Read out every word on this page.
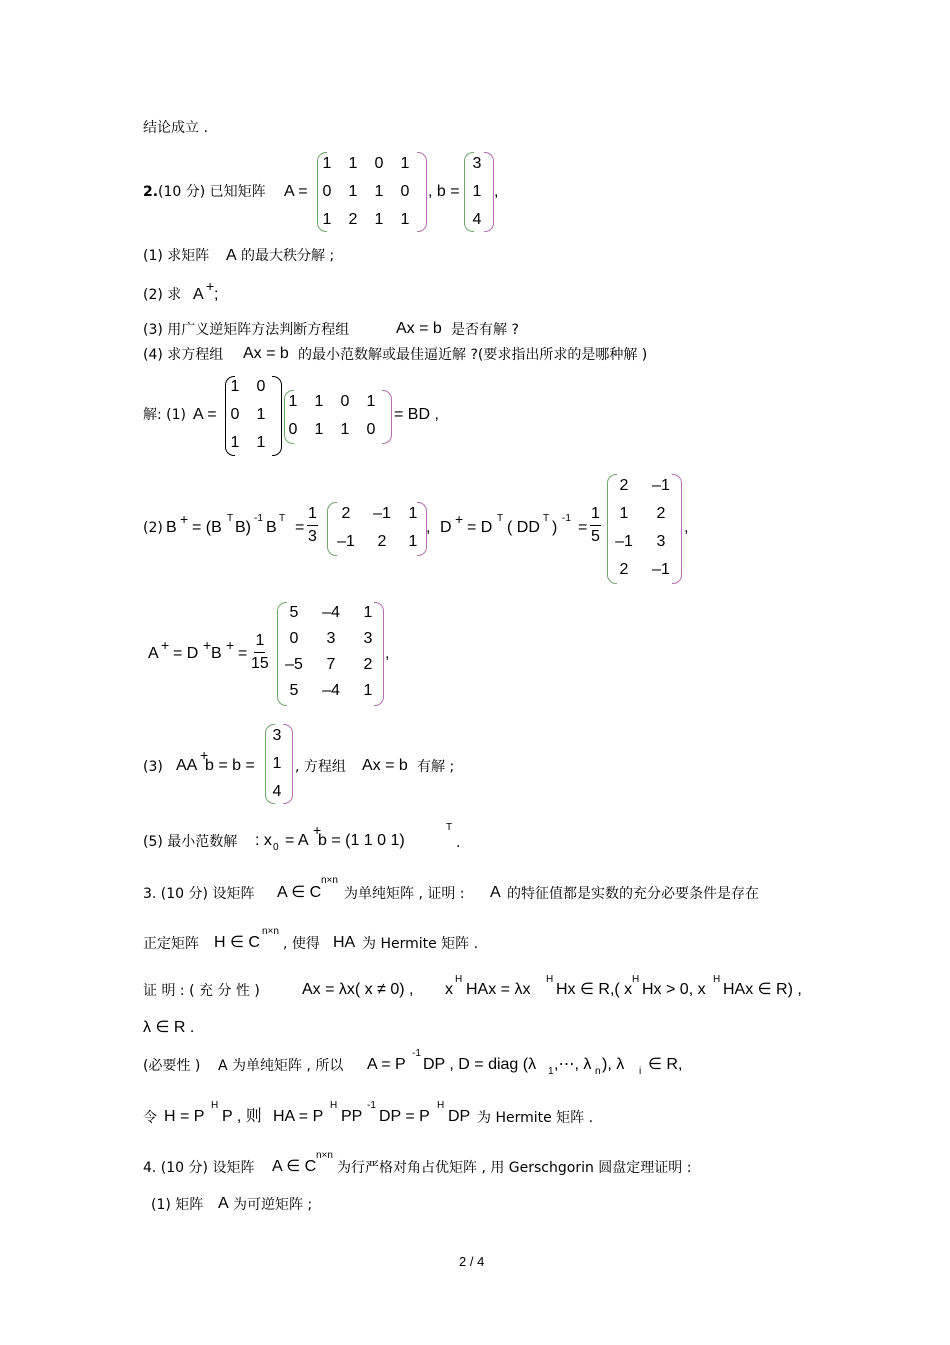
结论成立 .
2. (10 分) 已知矩阵 A =
1	1	0	1
0	1	1	0
1	2	1	1
, b =
3
1
4
,
(1) 求矩阵 A 的最大秩分解 ;
(2) 求 A + ;
(3) 用广义逆矩阵方法判断方程组	Ax = b 是否有解 ?
(4) 求方程组 Ax = b 的最小范数解或最佳逼近解 ?(要求指出所求的是哪种解 )
解: (1) A =
1	0
0	1
1	1
1	1	0	1
0	1	1	0
= BD ,
(2) B + = (B
T
B)
-1
B
T
= $\frac{1}{3}$	2	–1	1
–1	2	1
, D + = D
T
( DD
T
)
-1
= $\frac{1}{5}$
2	–1
1	2
–1	3
2	–1
,
A + = D + B + = $\frac{1}{15}$
5	–4	1
0	3	3
–5	7	2
5	–4	1
,
(3) AA
+
b = b =
3
1
4
, 方程组 Ax = b 有解 ;
(5) 最小范数解 : x 0 = A
+
b = (1 1 0 1)
T
.
3. (10 分) 设矩阵 A ∈ C
n×n
为单纯矩阵 , 证明 : A 的特征值都是实数的充分必要条件是存在
正定矩阵 H ∈ C
n×n
, 使得 HA 为 Hermite 矩阵 .
证 明 : ( 充 分 性 )	Ax = λx( x ≠ 0) , x
H
HAx = λx
H
Hx ∈ R,( x
H
Hx > 0, x
H
HAx ∈ R) ,
λ ∈ R .
(必要性 ) A 为单纯矩阵 , 所以 A = P
-1
DP , D = diag (λ 1 ,⋯, λ n ), λ i ∈ R,
令 H = P
H
P , 则 HA = P
H
PP
-1
DP = P
H
DP 为 Hermite 矩阵 .
4. (10 分) 设矩阵 A ∈ C
n×n
为行严格对角占优矩阵 , 用 Gerschgorin 圆盘定理证明 :
(1) 矩阵 A 为可逆矩阵 ;
2 / 4
